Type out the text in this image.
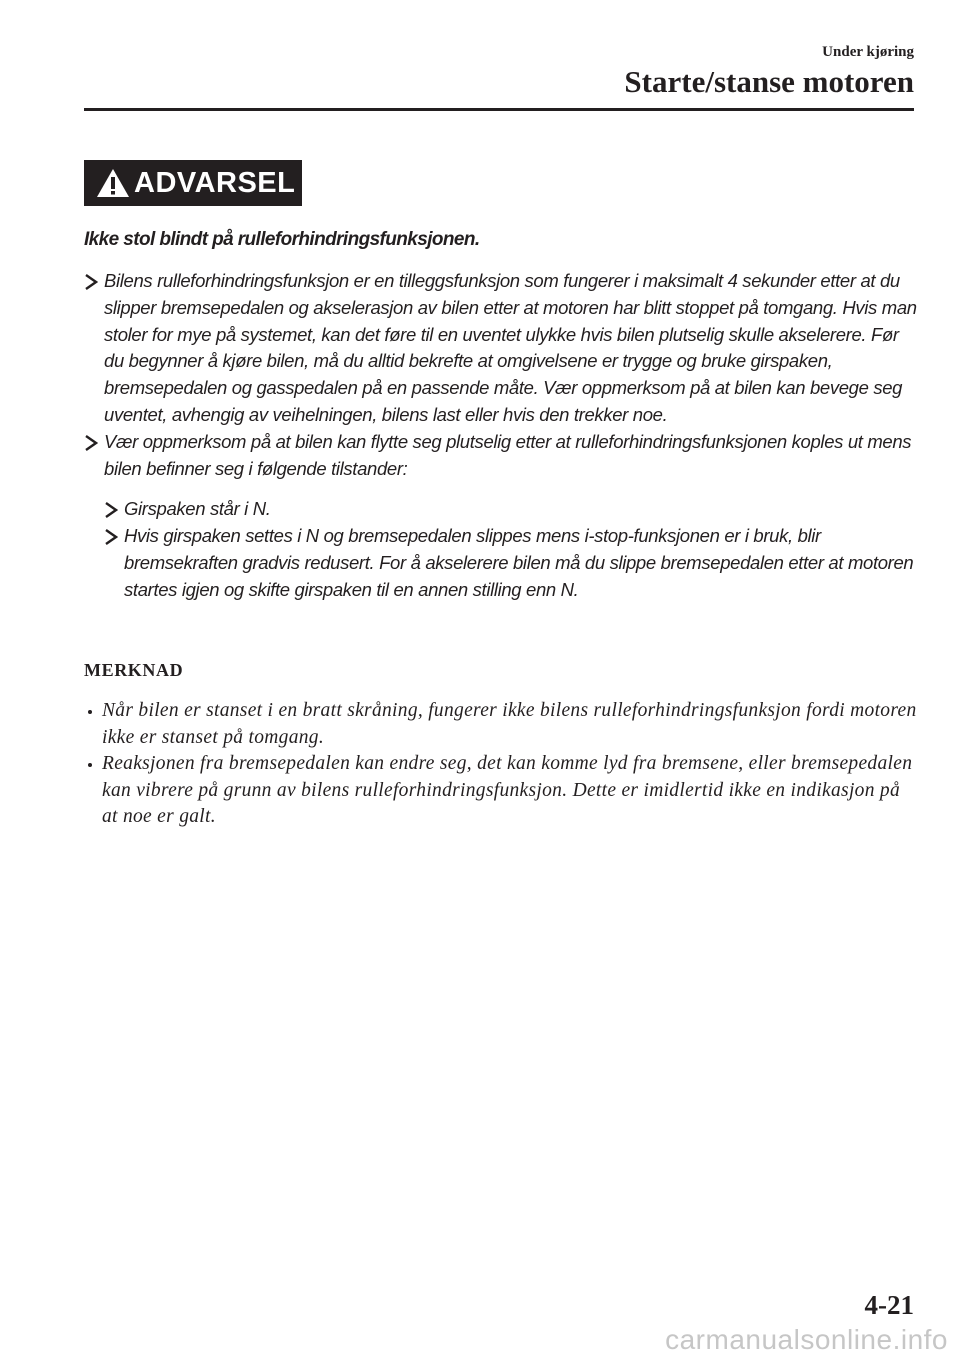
Under kjøring
Starte/stanse motoren
ADVARSEL
Ikke stol blindt på rulleforhindringsfunksjonen.
Bilens rulleforhindringsfunksjon er en tilleggsfunksjon som fungerer i maksimalt 4 sekunder etter at du slipper bremsepedalen og akselerasjon av bilen etter at motoren har blitt stoppet på tomgang. Hvis man stoler for mye på systemet, kan det føre til en uventet ulykke hvis bilen plutselig skulle akselerere. Før du begynner å kjøre bilen, må du alltid bekrefte at omgivelsene er trygge og bruke girspaken, bremsepedalen og gasspedalen på en passende måte. Vær oppmerksom på at bilen kan bevege seg uventet, avhengig av veihelningen, bilens last eller hvis den trekker noe.
Vær oppmerksom på at bilen kan flytte seg plutselig etter at rulleforhindringsfunksjonen koples ut mens bilen befinner seg i følgende tilstander:
Girspaken står i N.
Hvis girspaken settes i N og bremsepedalen slippes mens i-stop-funksjonen er i bruk, blir bremsekraften gradvis redusert. For å akselerere bilen må du slippe bremsepedalen etter at motoren startes igjen og skifte girspaken til en annen stilling enn N.
MERKNAD
Når bilen er stanset i en bratt skråning, fungerer ikke bilens rulleforhindringsfunksjon fordi motoren ikke er stanset på tomgang.
Reaksjonen fra bremsepedalen kan endre seg, det kan komme lyd fra bremsene, eller bremsepedalen kan vibrere på grunn av bilens rulleforhindringsfunksjon. Dette er imidlertid ikke en indikasjon på at noe er galt.
4-21
carmanualsonline.info
